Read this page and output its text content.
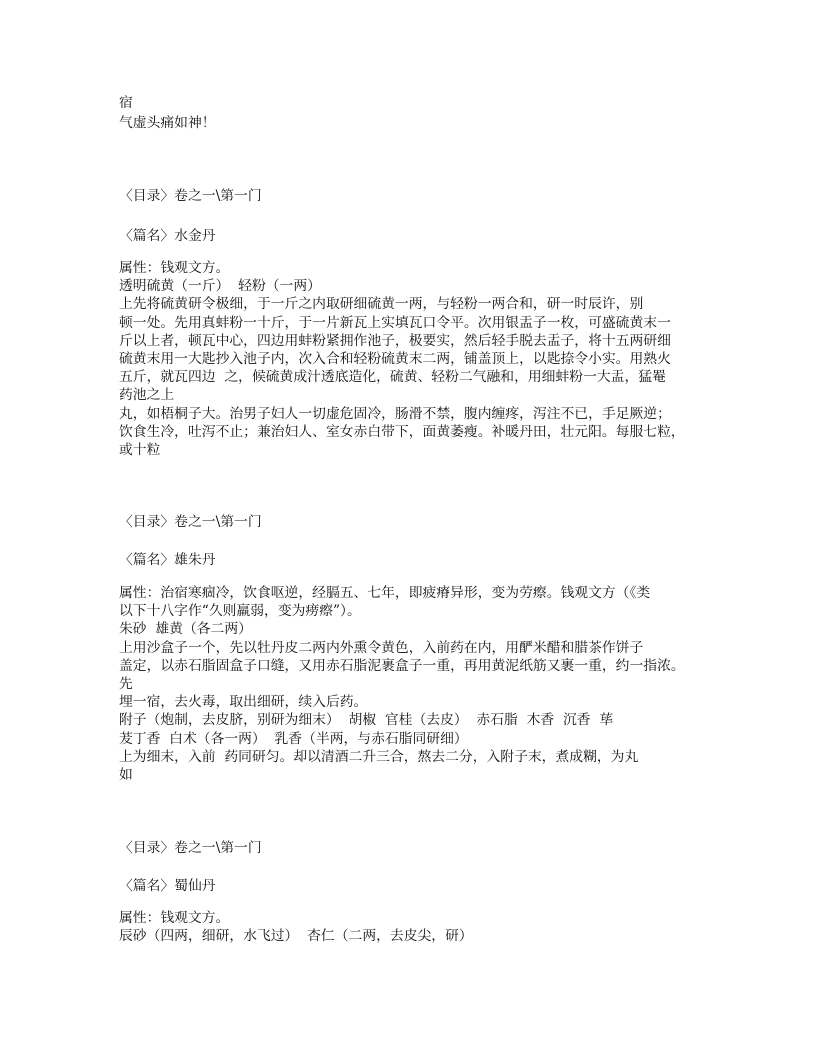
宿
气虚头痛如神！
〈目录〉卷之一\第一门
〈篇名〉水金丹
属性：钱观文方。
透明硫黄（一斤）  轻粉（一两）
上先将硫黄研令极细，于一斤之内取研细硫黄一两，与轻粉一两合和，研一时辰许，别
顿一处。先用真蚌粉一十斤，于一片新瓦上实填瓦口令平。次用银盂子一枚，可盛硫黄末一
斤以上者，顿瓦中心，四边用蚌粉紧拥作池子，极要实，然后轻手脱去盂子，将十五两研细
硫黄末用一大匙抄入池子内，次入合和轻粉硫黄末二两，铺盖顶上，以匙捺令小实。用熟火
五斤，就瓦四边  之，候硫黄成汁透底造化，硫黄、轻粉二气融和，用细蚌粉一大盂，猛罨
药池之上
丸，如梧桐子大。治男子妇人一切虚危固冷，肠滑不禁，腹内缠疼，泻注不已，手足厥逆；
饮食生冷，吐泻不止；兼治妇人、室女赤白带下，面黄萎瘦。补暖丹田，壮元阳。每服七粒，
或十粒
〈目录〉卷之一\第一门
〈篇名〉雄朱丹
属性：治宿寒痼冷，饮食呕逆，经膈五、七年，即疲瘠异形，变为劳瘵。钱观文方（《类
以下十八字作“久则羸弱，变为痨瘵”）。
朱砂  雄黄（各二两）
上用沙盒子一个，先以牡丹皮二两内外熏令黄色，入前药在内，用酽米醋和腊茶作饼子
盖定，以赤石脂固盒子口缝，又用赤石脂泥裹盒子一重，再用黄泥纸筋又裹一重，约一指浓。
先
埋一宿，去火毒，取出细研，续入后药。
附子（炮制，去皮脐，别研为细末）  胡椒  官桂（去皮）  赤石脂  木香  沉香  荜
茇丁香  白术（各一两）  乳香（半两，与赤石脂同研细）
上为细末，入前  药同研匀。却以清酒二升三合，熬去二分，入附子末，煮成糊，为丸
如
〈目录〉卷之一\第一门
〈篇名〉蜀仙丹
属性：钱观文方。
辰砂（四两，细研，水飞过）  杏仁（二两，去皮尖，研）
